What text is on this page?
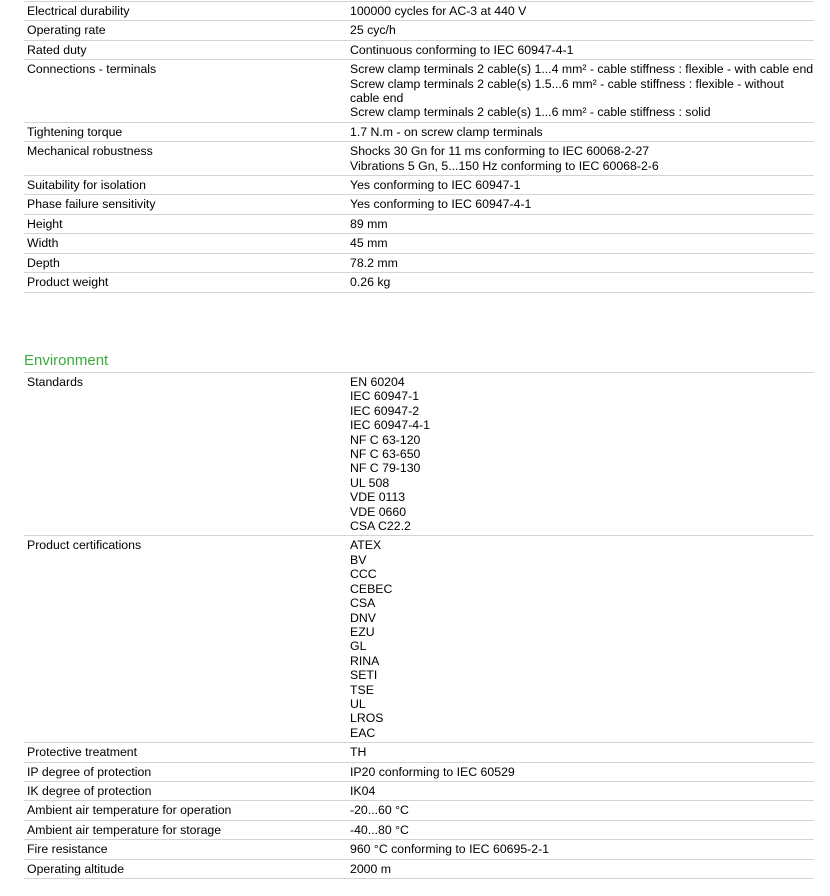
Electrical durability	100000 cycles for AC-3 at 440 V
Operating rate	25 cyc/h
Rated duty	Continuous conforming to IEC 60947-4-1
Connections - terminals	Screw clamp terminals 2 cable(s) 1...4 mm² - cable stiffness : flexible - with cable end
Screw clamp terminals 2 cable(s) 1.5...6 mm² - cable stiffness : flexible - without cable end
Screw clamp terminals 2 cable(s) 1...6 mm² - cable stiffness : solid
Tightening torque	1.7 N.m - on screw clamp terminals
Mechanical robustness	Shocks 30 Gn for 11 ms conforming to IEC 60068-2-27
Vibrations 5 Gn, 5...150 Hz conforming to IEC 60068-2-6
Suitability for isolation	Yes conforming to IEC 60947-1
Phase failure sensitivity	Yes conforming to IEC 60947-4-1
Height	89 mm
Width	45 mm
Depth	78.2 mm
Product weight	0.26 kg
Environment
Standards	EN 60204
IEC 60947-1
IEC 60947-2
IEC 60947-4-1
NF C 63-120
NF C 63-650
NF C 79-130
UL 508
VDE 0113
VDE 0660
CSA C22.2
Product certifications	ATEX
BV
CCC
CEBEC
CSA
DNV
EZU
GL
RINA
SETI
TSE
UL
LROS
EAC
Protective treatment	TH
IP degree of protection	IP20 conforming to IEC 60529
IK degree of protection	IK04
Ambient air temperature for operation	-20...60 °C
Ambient air temperature for storage	-40...80 °C
Fire resistance	960 °C conforming to IEC 60695-2-1
Operating altitude	2000 m
